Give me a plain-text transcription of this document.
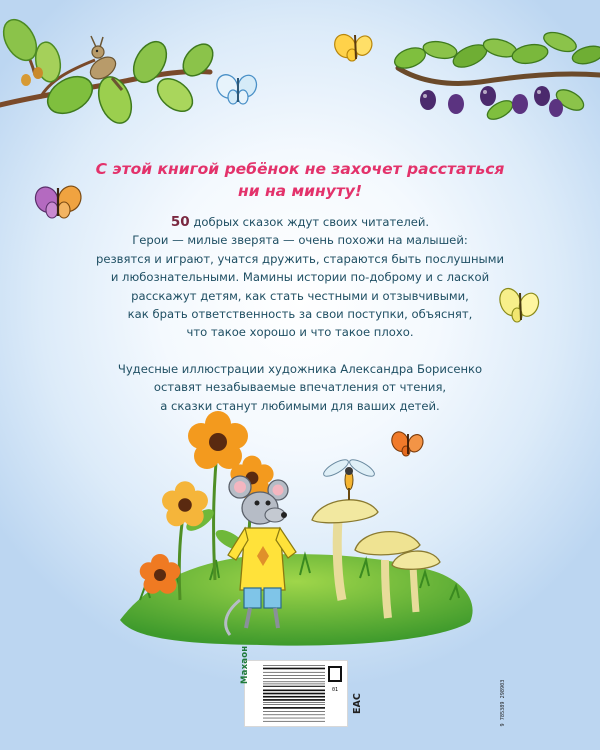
С этой книгой ребёнок не захочет расстаться
ни на минуту!

50 добрых сказок ждут своих читателей.
Герои — милые зверята — очень похожи на малышей:
резвятся и играют, учатся дружить, стараются быть послушными
и любознательными. Мамины истории по-доброму и с лаской
расскажут детям, как стать честными и отзывчивыми,
как брать ответственность за свои поступки, объяснят,
что такое хорошо и что такое плохо.
Чудесные иллюстрации художника Александра Борисенко
оставят незабываемые впечатления от чтения,
а сказки станут любимыми для ваших детей.
01	9 785389 298903
Махаон
EAC
